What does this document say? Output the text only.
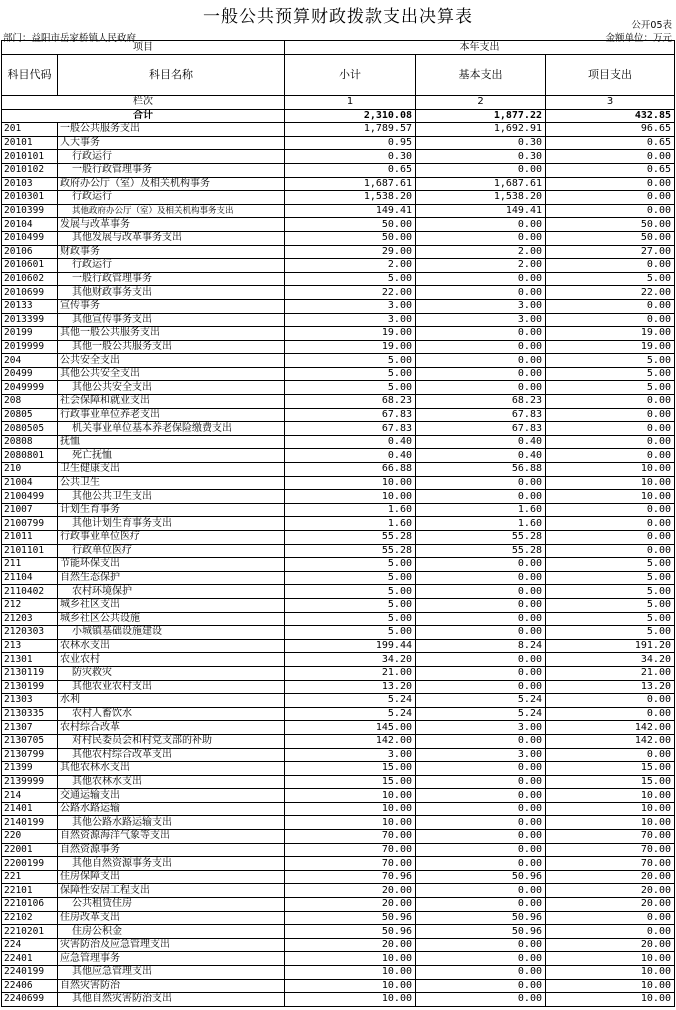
一般公共预算财政拨款支出决算表	公开05表
部门：益阳市岳家桥镇人民政府	金额单位：万元
项目		本年支出		
科目代码	科目名称	小计	基本支出	项目支出
栏次		1	2	3
合计		2,310.08	1,877.22	432.85
201	一般公共服务支出	1,789.57	1,692.91	96.65
20101	人大事务	0.95	0.30	0.65
2010101	行政运行	0.30	0.30	0.00
2010102	一般行政管理事务	0.65	0.00	0.65
20103	政府办公厅（室）及相关机构事务	1,687.61	1,687.61	0.00
2010301	行政运行	1,538.20	1,538.20	0.00
2010399	其他政府办公厅（室）及相关机构事务支出	149.41	149.41	0.00
20104	发展与改革事务	50.00	0.00	50.00
2010499	其他发展与改革事务支出	50.00	0.00	50.00
20106	财政事务	29.00	2.00	27.00
2010601	行政运行	2.00	2.00	0.00
2010602	一般行政管理事务	5.00	0.00	5.00
2010699	其他财政事务支出	22.00	0.00	22.00
20133	宣传事务	3.00	3.00	0.00
2013399	其他宣传事务支出	3.00	3.00	0.00
20199	其他一般公共服务支出	19.00	0.00	19.00
2019999	其他一般公共服务支出	19.00	0.00	19.00
204	公共安全支出	5.00	0.00	5.00
20499	其他公共安全支出	5.00	0.00	5.00
2049999	其他公共安全支出	5.00	0.00	5.00
208	社会保障和就业支出	68.23	68.23	0.00
20805	行政事业单位养老支出	67.83	67.83	0.00
2080505	机关事业单位基本养老保险缴费支出	67.83	67.83	0.00
20808	抚恤	0.40	0.40	0.00
2080801	死亡抚恤	0.40	0.40	0.00
210	卫生健康支出	66.88	56.88	10.00
21004	公共卫生	10.00	0.00	10.00
2100499	其他公共卫生支出	10.00	0.00	10.00
21007	计划生育事务	1.60	1.60	0.00
2100799	其他计划生育事务支出	1.60	1.60	0.00
21011	行政事业单位医疗	55.28	55.28	0.00
2101101	行政单位医疗	55.28	55.28	0.00
211	节能环保支出	5.00	0.00	5.00
21104	自然生态保护	5.00	0.00	5.00
2110402	农村环境保护	5.00	0.00	5.00
212	城乡社区支出	5.00	0.00	5.00
21203	城乡社区公共设施	5.00	0.00	5.00
2120303	小城镇基础设施建设	5.00	0.00	5.00
213	农林水支出	199.44	8.24	191.20
21301	农业农村	34.20	0.00	34.20
2130119	防灾救灾	21.00	0.00	21.00
2130199	其他农业农村支出	13.20	0.00	13.20
21303	水利	5.24	5.24	0.00
2130335	农村人畜饮水	5.24	5.24	0.00
21307	农村综合改革	145.00	3.00	142.00
2130705	对村民委员会和村党支部的补助	142.00	0.00	142.00
2130799	其他农村综合改革支出	3.00	3.00	0.00
21399	其他农林水支出	15.00	0.00	15.00
2139999	其他农林水支出	15.00	0.00	15.00
214	交通运输支出	10.00	0.00	10.00
21401	公路水路运输	10.00	0.00	10.00
2140199	其他公路水路运输支出	10.00	0.00	10.00
220	自然资源海洋气象等支出	70.00	0.00	70.00
22001	自然资源事务	70.00	0.00	70.00
2200199	其他自然资源事务支出	70.00	0.00	70.00
221	住房保障支出	70.96	50.96	20.00
22101	保障性安居工程支出	20.00	0.00	20.00
2210106	公共租赁住房	20.00	0.00	20.00
22102	住房改革支出	50.96	50.96	0.00
2210201	住房公积金	50.96	50.96	0.00
224	灾害防治及应急管理支出	20.00	0.00	20.00
22401	应急管理事务	10.00	0.00	10.00
2240199	其他应急管理支出	10.00	0.00	10.00
22406	自然灾害防治	10.00	0.00	10.00
2240699	其他自然灾害防治支出	10.00	0.00	10.00
